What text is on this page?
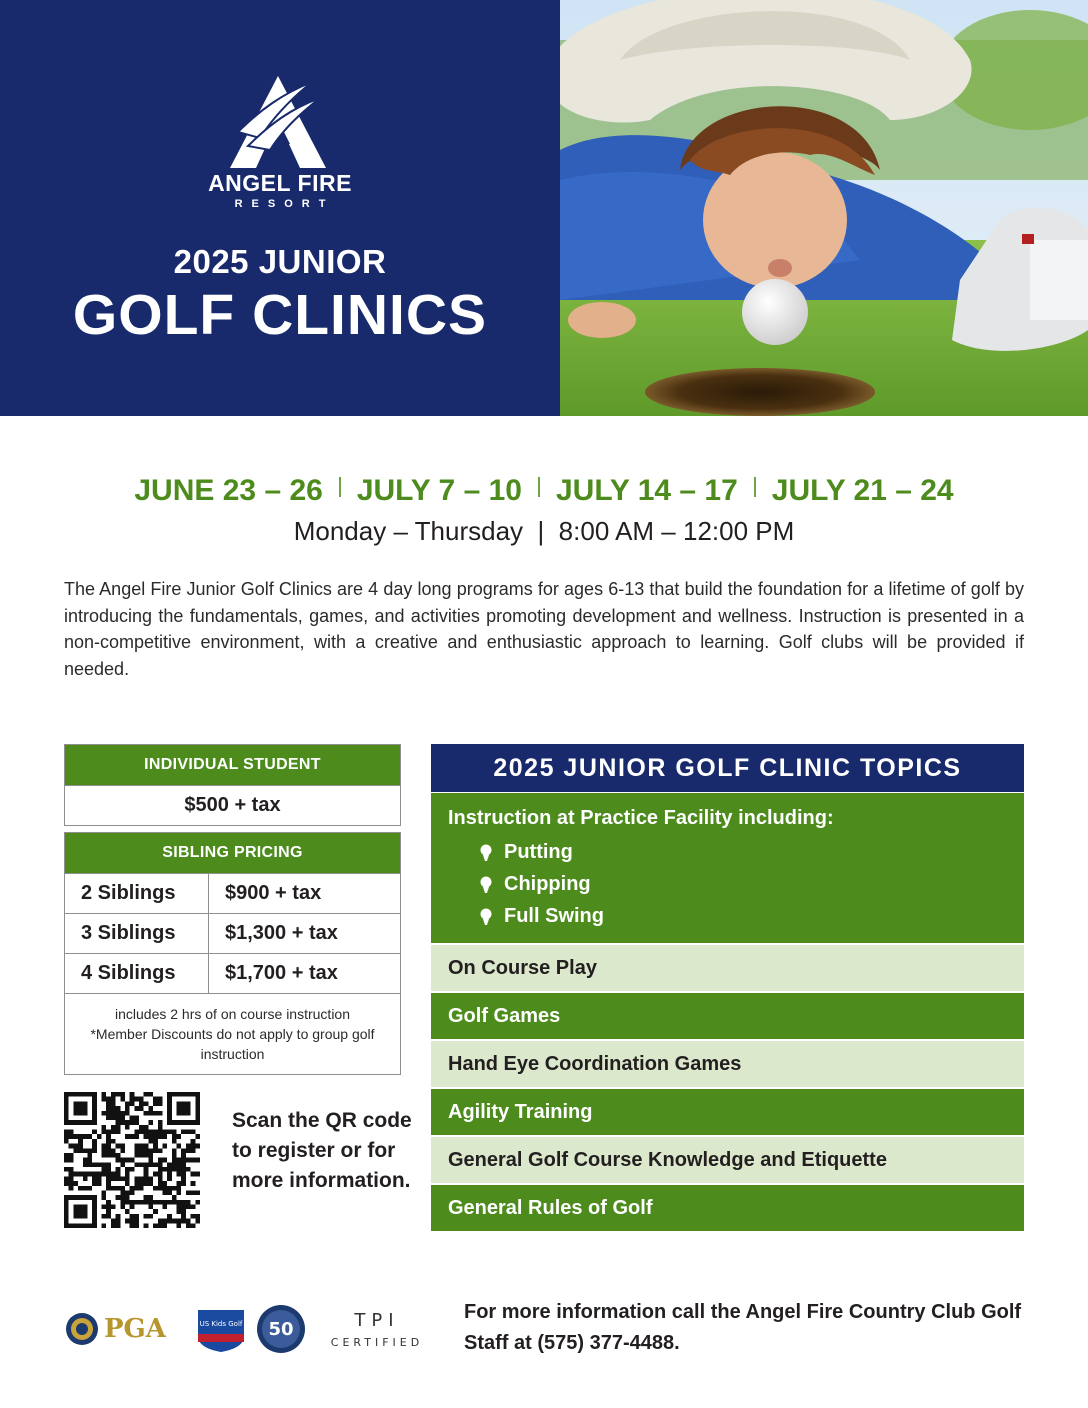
ANGEL FIRE
RESORT
2025 JUNIOR
GOLF CLINICS
JUNE 23 – 26 JULY 7 – 10 JULY 14 – 17 JULY 21 – 24
Monday – Thursday  |  8:00 AM – 12:00 PM

The Angel Fire Junior Golf Clinics are 4 day long programs for ages 6-13 that build the foundation for a lifetime of golf by introducing the fundamentals, games, and activities promoting development and wellness. Instruction is presented in a non-competitive environment, with a creative and enthusiastic approach to learning. Golf clubs will be provided if needed.

INDIVIDUAL STUDENT
$500 + tax
SIBLING PRICING
2 Siblings	$900 + tax
3 Siblings	$1,300 + tax
4 Siblings	$1,700 + tax
includes 2 hrs of on course instruction
*Member Discounts do not apply to group golf instruction
Scan the QR code to register or for more information.
2025 JUNIOR GOLF CLINIC TOPICS
Instruction at Practice Facility including:
Putting
Chipping
Full Swing
On Course Play
Golf Games
Hand Eye Coordination Games
Agility Training
General Golf Course Knowledge and Etiquette
General Rules of Golf
PGA	US Kids Golf 50	TPI
CERTIFIED
For more information call the Angel Fire Country Club Golf Staff at (575) 377-4488.
